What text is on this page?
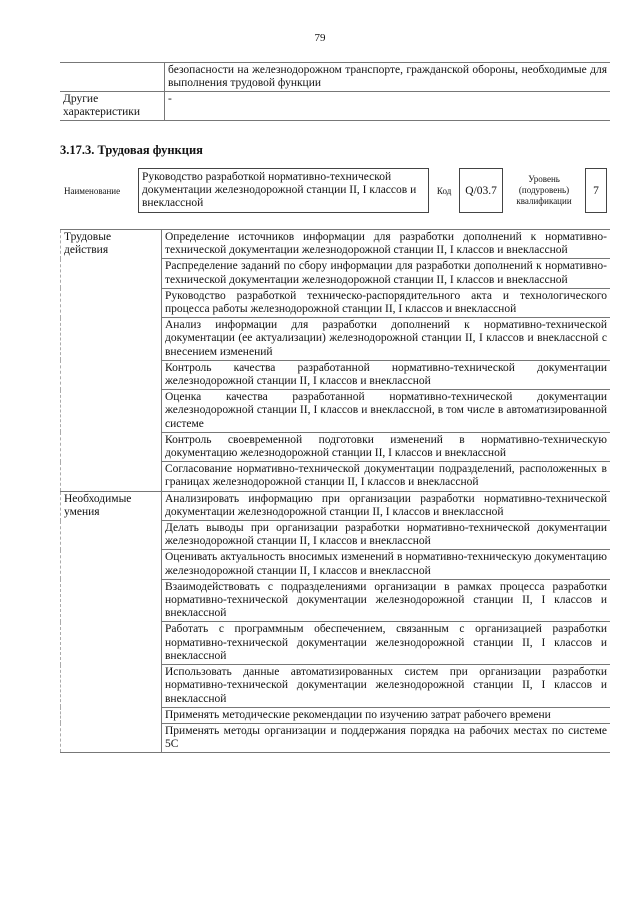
79
	безопасности на железнодорожном транспорте, гражданской обороны, необходимые для выполнения трудовой функции
Другие характеристики	-
3.17.3. Трудовая функция
Наименование	Руководство разработкой нормативно-технической документации железнодорожной станции II, I классов и внеклассной	Код	Q/03.7	Уровень (подуровень) квалификации	7
Трудовые действия	Определение источников информации для разработки дополнений к нормативно-технической документации железнодорожной станции II, I классов и внеклассной
	Распределение заданий по сбору информации для разработки дополнений к нормативно-технической документации железнодорожной станции II, I классов и внеклассной
	Руководство разработкой техническо-распорядительного акта и технологического процесса работы железнодорожной станции II, I классов и внеклассной
	Анализ информации для разработки дополнений к нормативно-технической документации (ее актуализации) железнодорожной станции II, I классов и внеклассной с внесением изменений
	Контроль качества разработанной нормативно-технической документации железнодорожной станции II, I классов и внеклассной
	Оценка качества разработанной нормативно-технической документации железнодорожной станции II, I классов и внеклассной, в том числе в автоматизированной системе
	Контроль своевременной подготовки изменений в нормативно-техническую документацию железнодорожной станции II, I классов и внеклассной
	Согласование нормативно-технической документации подразделений, расположенных в границах железнодорожной станции II, I классов и внеклассной
Необходимые умения	Анализировать информацию при организации разработки нормативно-технической документации железнодорожной станции II, I классов и внеклассной
	Делать выводы при организации разработки нормативно-технической документации железнодорожной станции II, I классов и внеклассной
	Оценивать актуальность вносимых изменений в нормативно-техническую документацию железнодорожной станции II, I классов и внеклассной
	Взаимодействовать с подразделениями организации в рамках процесса разработки нормативно-технической документации железнодорожной станции II, I классов и внеклассной
	Работать с программным обеспечением, связанным с организацией разработки нормативно-технической документации железнодорожной станции II, I классов и внеклассной
	Использовать данные автоматизированных систем при организации разработки нормативно-технической документации железнодорожной станции II, I классов и внеклассной
	Применять методические рекомендации по изучению затрат рабочего времени
	Применять методы организации и поддержания порядка на рабочих местах по системе 5С
